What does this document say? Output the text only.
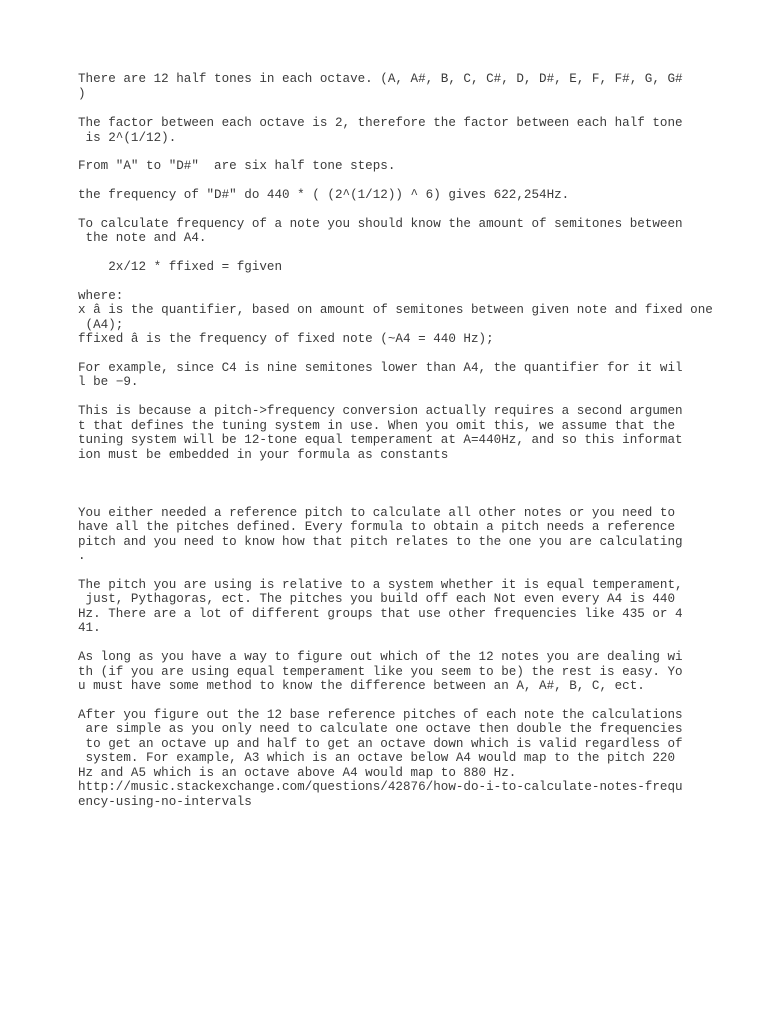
There are 12 half tones in each octave. (A, A#, B, C, C#, D, D#, E, F, F#, G, G#

)

The factor between each octave is 2, therefore the factor between each half tone

is 2^(1/12).

From "A" to "D#"  are six half tone steps.

the frequency of "D#" do 440 * ( (2^(1/12)) ^ 6) gives 622,254Hz.

To calculate frequency of a note you should know the amount of semitones between

the note and A4.

2x/12 * ffixed = fgiven

where:

x â is the quantifier, based on amount of semitones between given note and fixed one

(A4);

ffixed â is the frequency of fixed note (~A4 = 440 Hz);

For example, since C4 is nine semitones lower than A4, the quantifier for it wil

l be −9.

This is because a pitch->frequency conversion actually requires a second argumen

t that defines the tuning system in use. When you omit this, we assume that the

tuning system will be 12-tone equal temperament at A=440Hz, and so this informat

ion must be embedded in your formula as constants

You either needed a reference pitch to calculate all other notes or you need to

have all the pitches defined. Every formula to obtain a pitch needs a reference

pitch and you need to know how that pitch relates to the one you are calculating

.

The pitch you are using is relative to a system whether it is equal temperament,

just, Pythagoras, ect. The pitches you build off each Not even every A4 is 440

Hz. There are a lot of different groups that use other frequencies like 435 or 4

41.

As long as you have a way to figure out which of the 12 notes you are dealing wi

th (if you are using equal temperament like you seem to be) the rest is easy. Yo

u must have some method to know the difference between an A, A#, B, C, ect.

After you figure out the 12 base reference pitches of each note the calculations

are simple as you only need to calculate one octave then double the frequencies

to get an octave up and half to get an octave down which is valid regardless of

system. For example, A3 which is an octave below A4 would map to the pitch 220

Hz and A5 which is an octave above A4 would map to 880 Hz.

http://music.stackexchange.com/questions/42876/how-do-i-to-calculate-notes-frequ

ency-using-no-intervals
